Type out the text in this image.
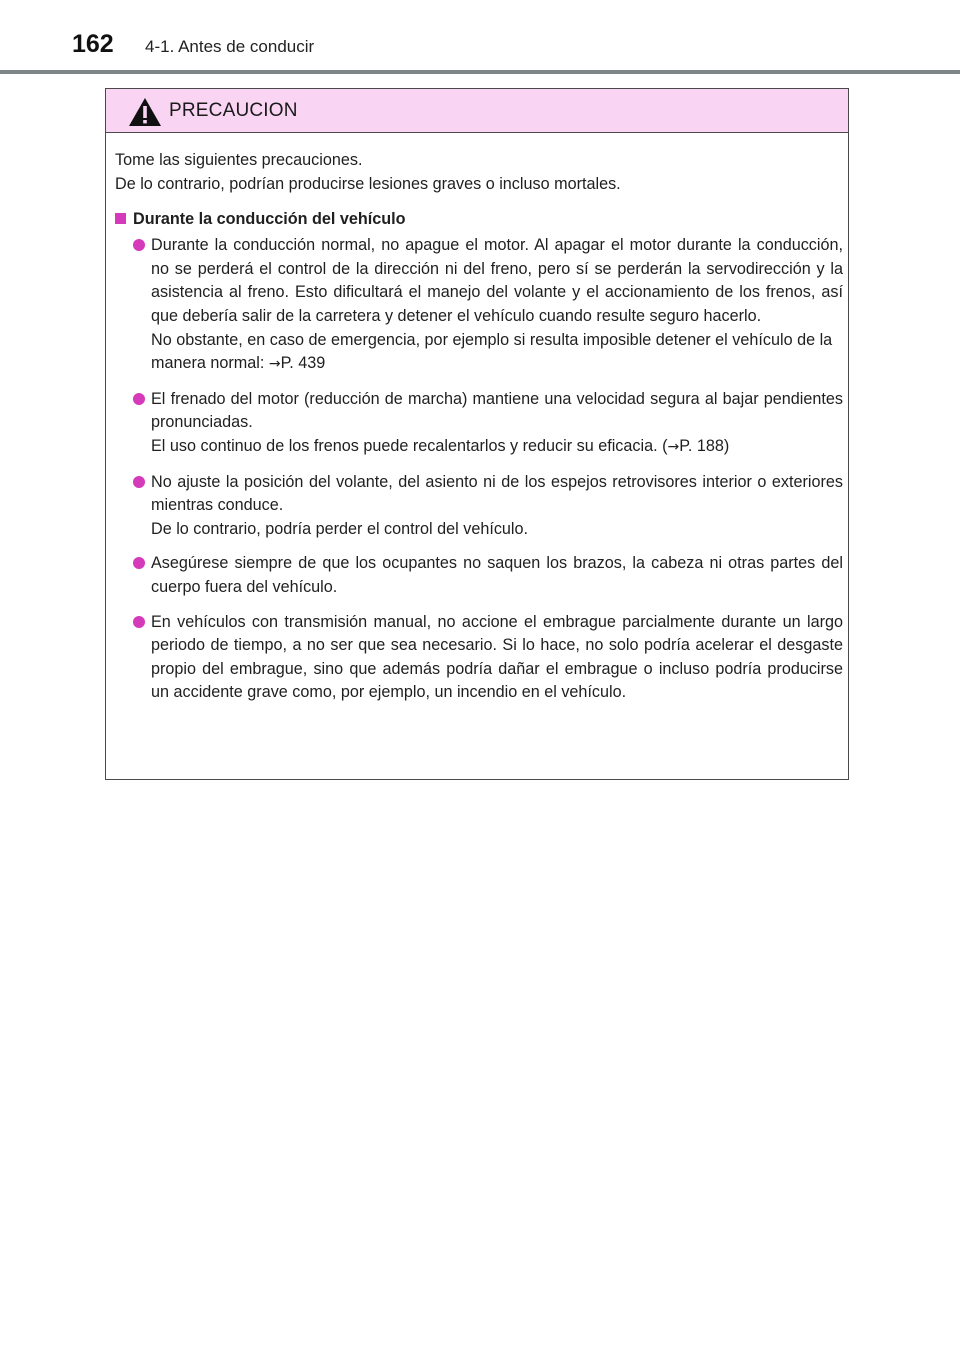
162 4-1. Antes de conducir
PRECAUCION

Tome las siguientes precauciones.

De lo contrario, podrían producirse lesiones graves o incluso mortales.

Durante la conducción del vehículo

Durante la conducción normal, no apague el motor. Al apagar el motor durante la conducción, no se perderá el control de la dirección ni del freno, pero sí se perderán la servodirección y la asistencia al freno. Esto dificultará el manejo del volante y el accionamiento de los frenos, así que debería salir de la carretera y detener el vehículo cuando resulte seguro hacerlo.

No obstante, en caso de emergencia, por ejemplo si resulta imposible detener el vehículo de la manera normal: →P. 439

El frenado del motor (reducción de marcha) mantiene una velocidad segura al bajar pendientes pronunciadas.

El uso continuo de los frenos puede recalentarlos y reducir su eficacia. (→P. 188)

No ajuste la posición del volante, del asiento ni de los espejos retrovisores interior o exteriores mientras conduce.

De lo contrario, podría perder el control del vehículo.

Asegúrese siempre de que los ocupantes no saquen los brazos, la cabeza ni otras partes del cuerpo fuera del vehículo.

En vehículos con transmisión manual, no accione el embrague parcialmente durante un largo periodo de tiempo, a no ser que sea necesario. Si lo hace, no solo podría acelerar el desgaste propio del embrague, sino que además podría dañar el embrague o incluso podría producirse un accidente grave como, por ejemplo, un incendio en el vehículo.
